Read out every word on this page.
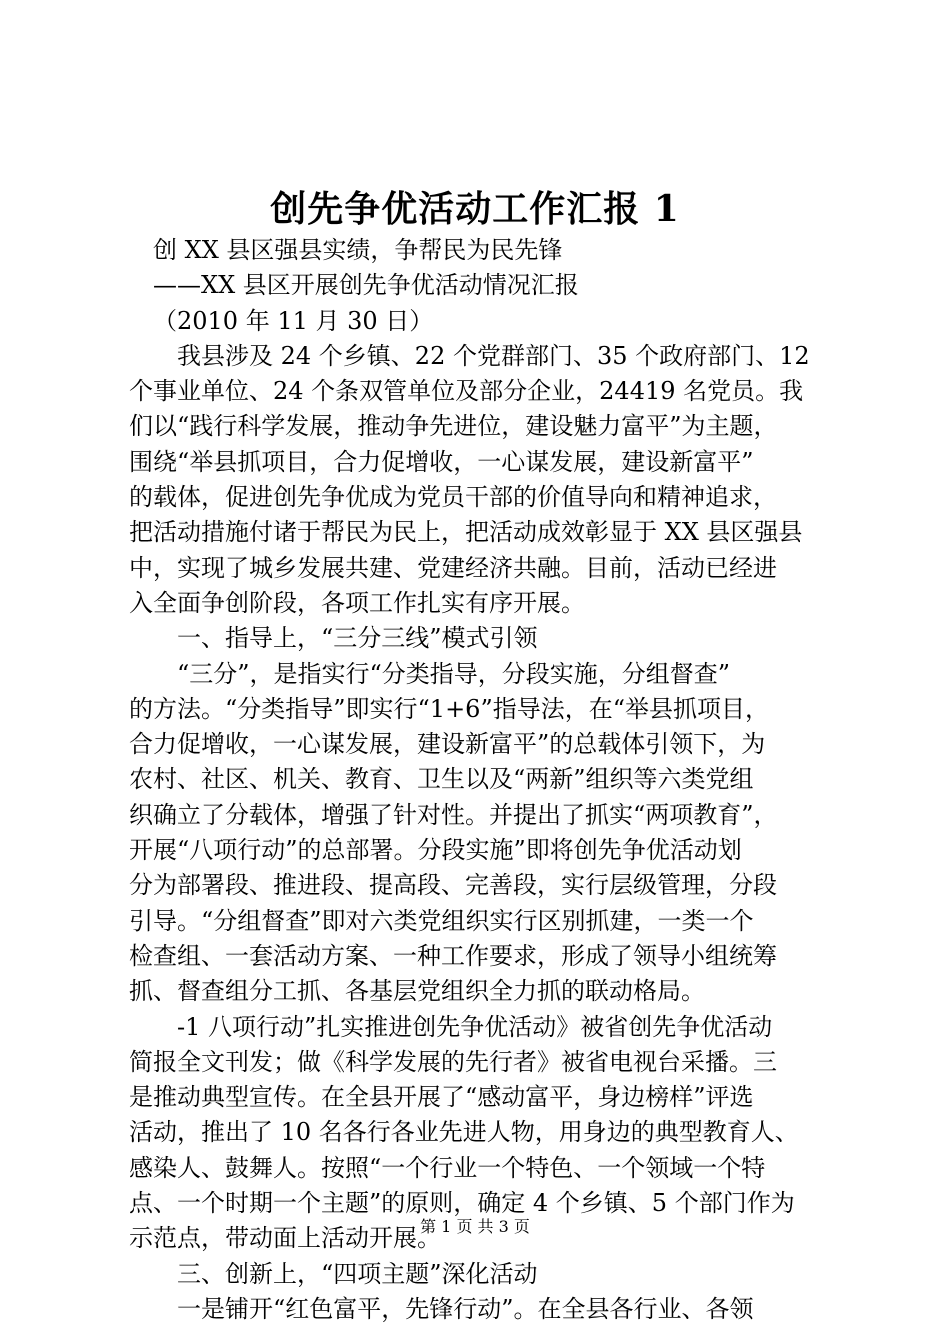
创先争优活动工作汇报 1
创 XX 县区强县实绩，争帮民为民先锋
——XX 县区开展创先争优活动情况汇报
（2010 年 11 月 30 日）
我县涉及 24 个乡镇、22 个党群部门、35 个政府部门、12
个事业单位、24 个条双管单位及部分企业，24419 名党员。我
们以“践行科学发展，推动争先进位，建设魅力富平”为主题，
围绕“举县抓项目，合力促增收，一心谋发展，建设新富平”
的载体，促进创先争优成为党员干部的价值导向和精神追求，
把活动措施付诸于帮民为民上，把活动成效彰显于 XX 县区强县
中，实现了城乡发展共建、党建经济共融。目前，活动已经进
入全面争创阶段，各项工作扎实有序开展。
一、指导上，“三分三线”模式引领
“三分”，是指实行“分类指导，分段实施，分组督查”
的方法。“分类指导”即实行“1+6”指导法，在“举县抓项目，
合力促增收，一心谋发展，建设新富平”的总载体引领下，为
农村、社区、机关、教育、卫生以及“两新”组织等六类党组
织确立了分载体，增强了针对性。并提出了抓实“两项教育”，
开展“八项行动”的总部署。分段实施”即将创先争优活动划
分为部署段、推进段、提高段、完善段，实行层级管理，分段
引导。“分组督查”即对六类党组织实行区别抓建，一类一个
检查组、一套活动方案、一种工作要求，形成了领导小组统筹
抓、督查组分工抓、各基层党组织全力抓的联动格局。
-1 八项行动”扎实推进创先争优活动》被省创先争优活动
简报全文刊发；做《科学发展的先行者》被省电视台采播。三
是推动典型宣传。在全县开展了“感动富平，身边榜样”评选
活动，推出了 10 名各行各业先进人物，用身边的典型教育人、
感染人、鼓舞人。按照“一个行业一个特色、一个领域一个特
点、一个时期一个主题”的原则，确定 4 个乡镇、5 个部门作为
示范点，带动面上活动开展。
三、创新上，“四项主题”深化活动
一是铺开“红色富平，先锋行动”。在全县各行业、各领
第 1 页 共 3 页
